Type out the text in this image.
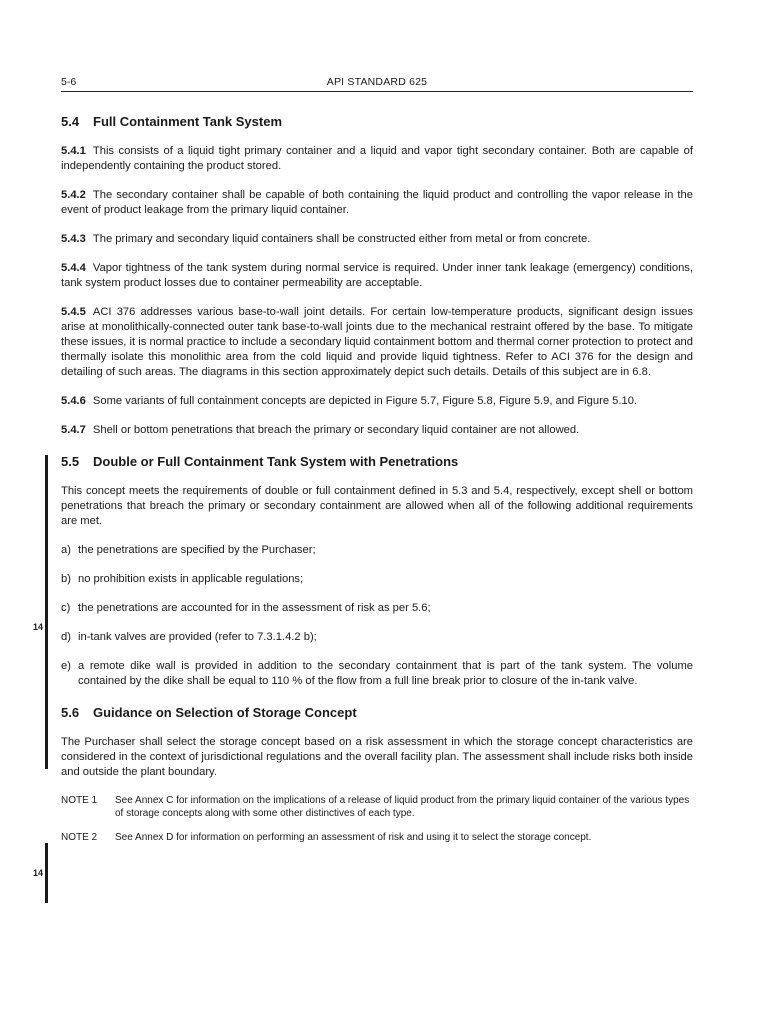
5-6	API STANDARD 625
14
14
5.4 Full Containment Tank System

5.4.1 This consists of a liquid tight primary container and a liquid and vapor tight secondary container. Both are capable of independently containing the product stored.

5.4.2 The secondary container shall be capable of both containing the liquid product and controlling the vapor release in the event of product leakage from the primary liquid container.

5.4.3 The primary and secondary liquid containers shall be constructed either from metal or from concrete.

5.4.4 Vapor tightness of the tank system during normal service is required. Under inner tank leakage (emergency) conditions, tank system product losses due to container permeability are acceptable.

5.4.5 ACI 376 addresses various base-to-wall joint details. For certain low-temperature products, significant design issues arise at monolithically-connected outer tank base-to-wall joints due to the mechanical restraint offered by the base. To mitigate these issues, it is normal practice to include a secondary liquid containment bottom and thermal corner protection to protect and thermally isolate this monolithic area from the cold liquid and provide liquid tightness. Refer to ACI 376 for the design and detailing of such areas. The diagrams in this section approximately depict such details. Details of this subject are in 6.8.

5.4.6 Some variants of full containment concepts are depicted in Figure 5.7, Figure 5.8, Figure 5.9, and Figure 5.10.

5.4.7 Shell or bottom penetrations that breach the primary or secondary liquid container are not allowed.

5.5 Double or Full Containment Tank System with Penetrations

This concept meets the requirements of double or full containment defined in 5.3 and 5.4, respectively, except shell or bottom penetrations that breach the primary or secondary containment are allowed when all of the following additional requirements are met.

a) the penetrations are specified by the Purchaser;
b) no prohibition exists in applicable regulations;
c) the penetrations are accounted for in the assessment of risk as per 5.6;
d) in-tank valves are provided (refer to 7.3.1.4.2 b);
e) a remote dike wall is provided in addition to the secondary containment that is part of the tank system. The volume contained by the dike shall be equal to 110 % of the flow from a full line break prior to closure of the in-tank valve.
5.6 Guidance on Selection of Storage Concept

The Purchaser shall select the storage concept based on a risk assessment in which the storage concept characteristics are considered in the context of jurisdictional regulations and the overall facility plan. The assessment shall include risks both inside and outside the plant boundary.

NOTE 1	See Annex C for information on the implications of a release of liquid product from the primary liquid container of the various types of storage concepts along with some other distinctives of each type.
NOTE 2	See Annex D for information on performing an assessment of risk and using it to select the storage concept.
